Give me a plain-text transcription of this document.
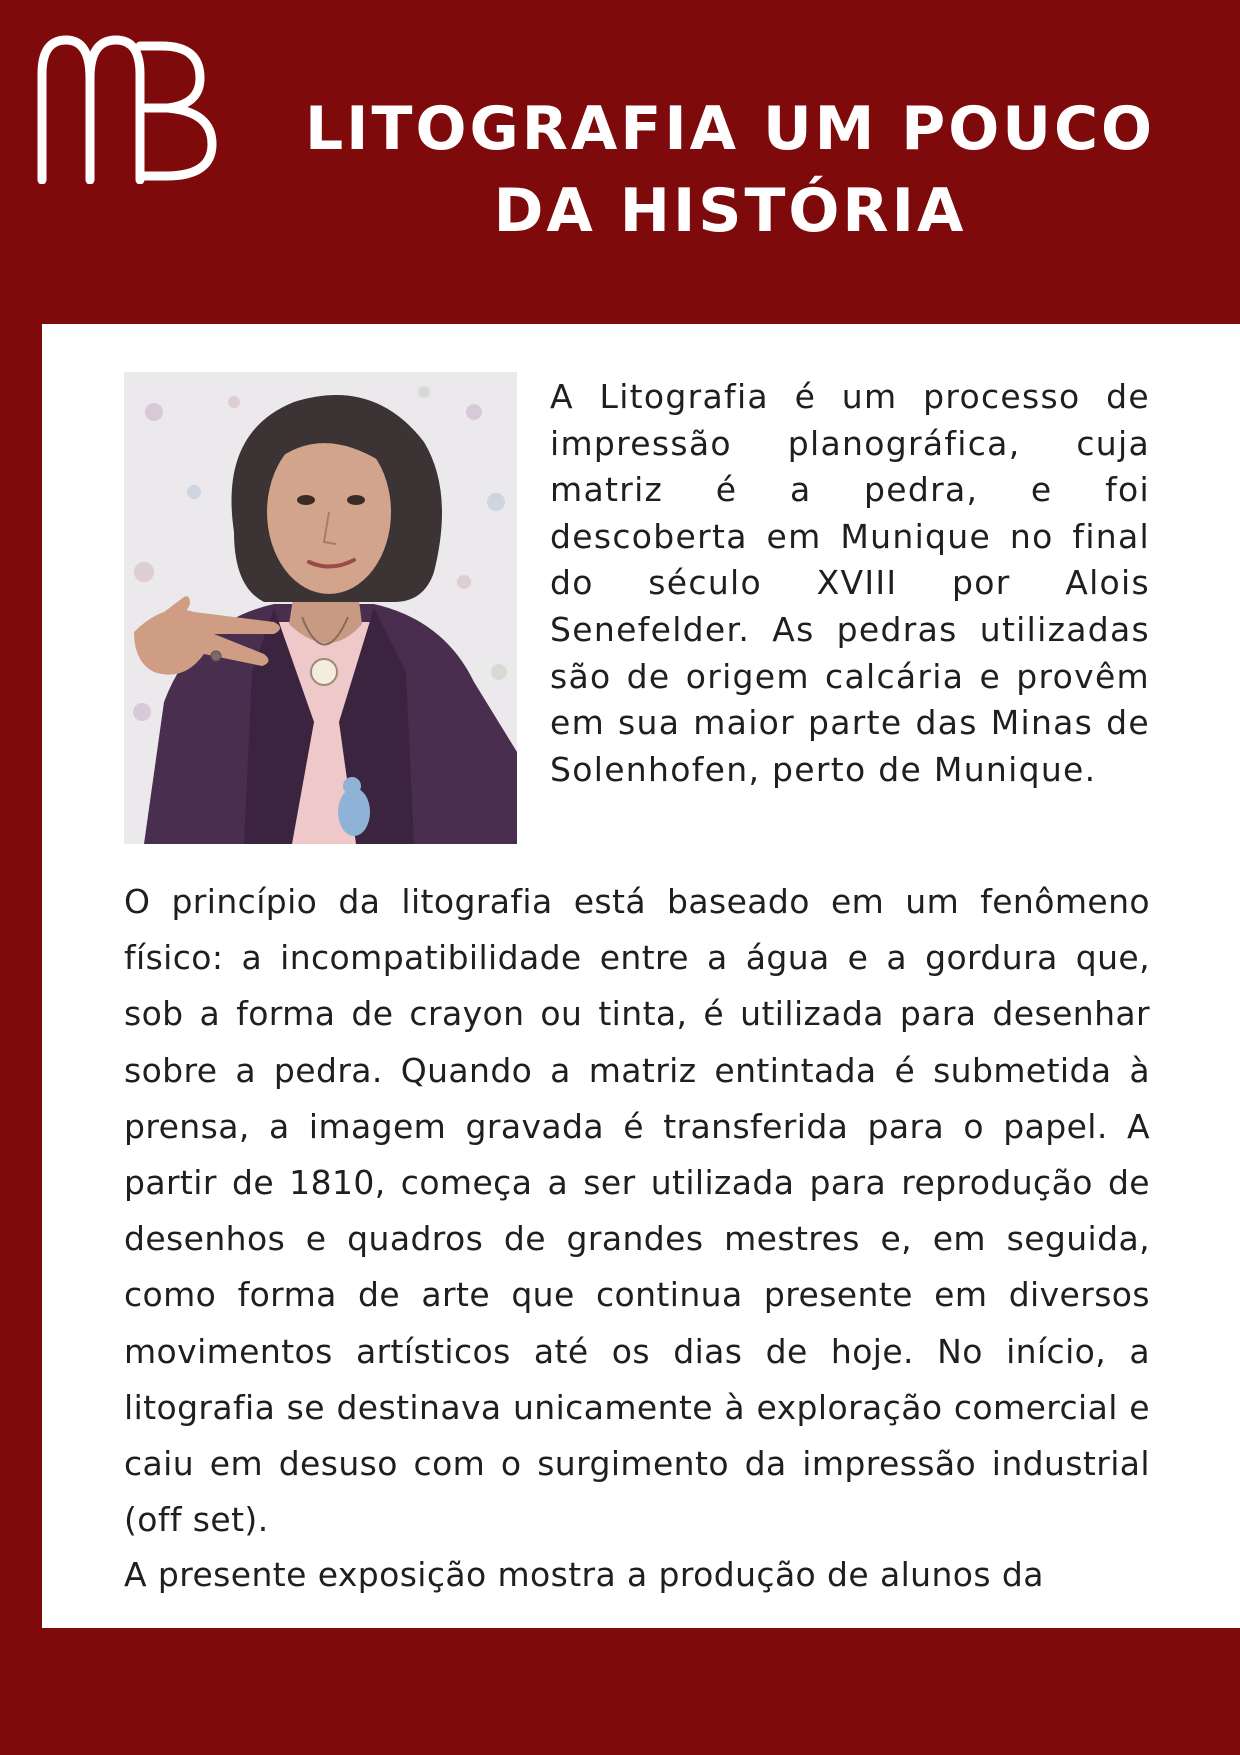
LITOGRAFIA UM POUCO
DA HISTÓRIA

A Litografia é um processo de impressão planográfica, cuja matriz é a pedra, e foi descoberta em Munique no final do século XVIII por Alois Senefelder. As pedras utilizadas são de origem calcária e provêm em sua maior parte das Minas de Solenhofen, perto de Munique.

O princípio da litografia está baseado em um fenômeno físico: a incompatibilidade entre a água e a gordura que, sob a forma de crayon ou tinta, é utilizada para desenhar sobre a pedra. Quando a matriz entintada é submetida à prensa, a imagem gravada é transferida para o papel. A partir de 1810, começa a ser utilizada para reprodução de desenhos e quadros de grandes mestres e, em seguida, como forma de arte que continua presente em diversos movimentos artísticos até os dias de hoje. No início, a litografia se destinava unicamente à exploração comercial e caiu em desuso com o surgimento da impressão industrial (off set).

A presente exposição mostra a produção de alunos da
